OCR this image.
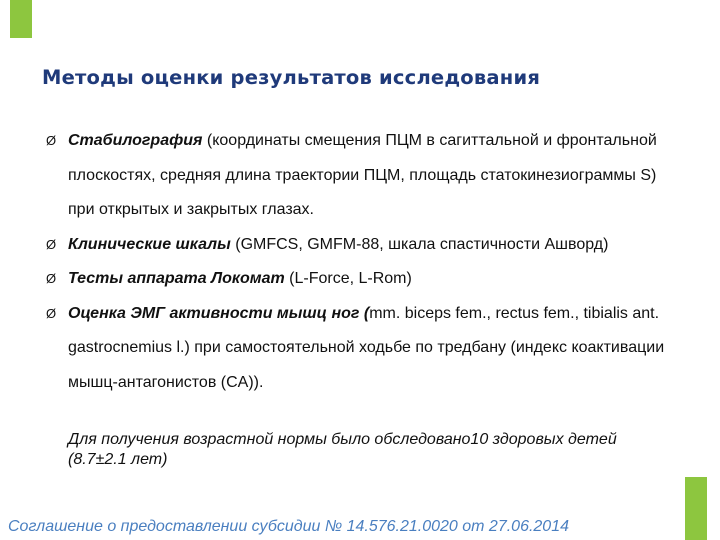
Методы оценки результатов исследования
Ø Стабилография (координаты смещения ПЦМ в сагиттальной и фронтальной плоскостях, средняя длина траектории ПЦМ, площадь статокинезиограммы S) при открытых и закрытых глазах.
Ø Клинические шкалы (GMFCS, GMFM-88, шкала спастичности Ашворд)
Ø Тесты аппарата Локомат (L-Force, L-Rom)
Ø Оценка ЭМГ активности мышц ног (mm. biceps fem., rectus fem., tibialis ant. gastrocnemius l.) при самостоятельной ходьбе по тредбану (индекс коактивации мышц-антагонистов (CA)).
Для получения возрастной нормы было обследовано10 здоровых детей (8.7±2.1 лет)
Соглашение о предоставлении субсидии № 14.576.21.0020 от 27.06.2014
